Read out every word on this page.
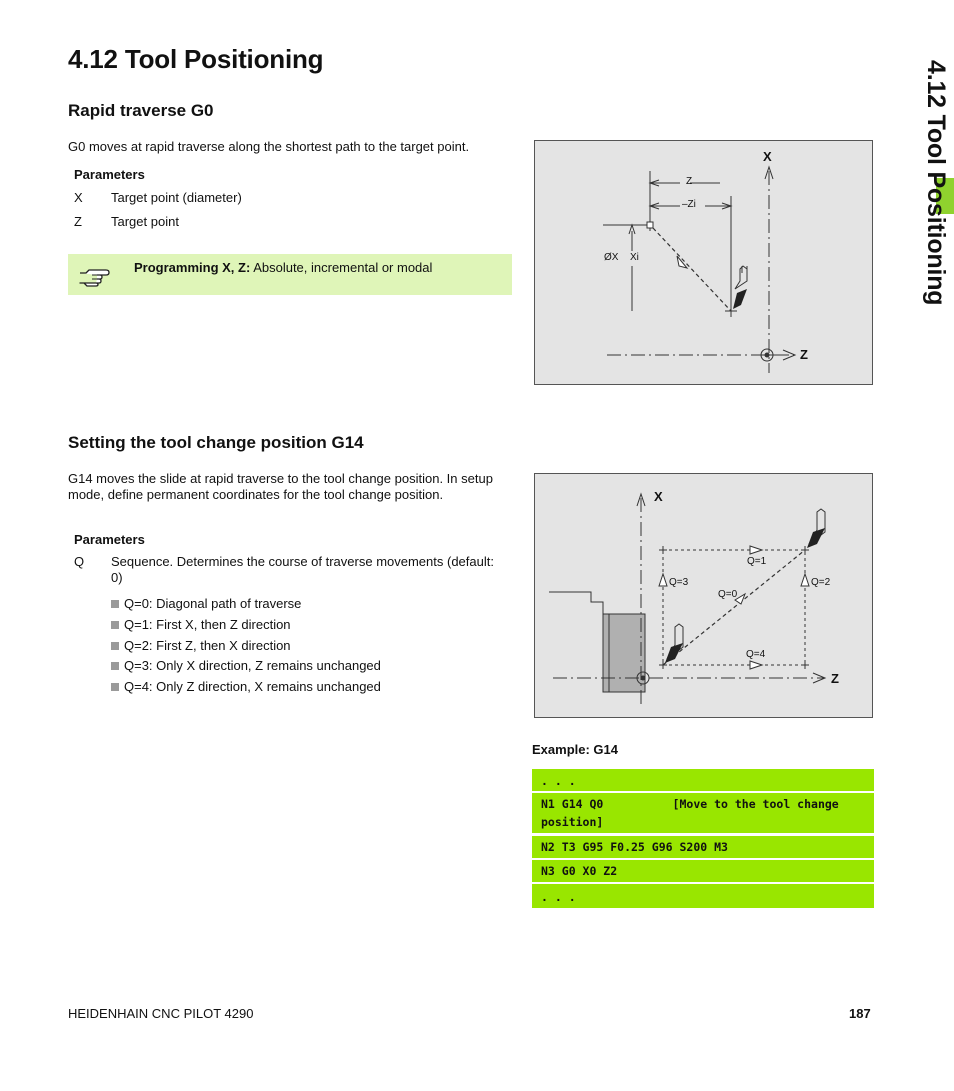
4.12 Tool Positioning
4.12 Tool Positioning
Rapid traverse G0
G0 moves at rapid traverse along the shortest path to the target point.
Parameters
X Target point (diameter)
Z Target point
Programming X, Z: Absolute, incremental or modal
X
Z
Z
–Zi
ØX Xi
Setting the tool change position G14
G14 moves the slide at rapid traverse to the tool change position. In setup mode, define permanent coordinates for the tool change position.
Parameters
Q Sequence. Determines the course of traverse movements (default: 0)
Q=0: Diagonal path of traverse
Q=1: First X, then Z direction
Q=2: First Z, then X direction
Q=3: Only X direction, Z remains unchanged
Q=4: Only Z direction, X remains unchanged
X
Z
Q=1
Q=3	Q=2
Q=0
Q=4
Example: G14
. . .
N1 G14 Q0          [Move to the tool change
position]
N2 T3 G95 F0.25 G96 S200 M3
N3 G0 X0 Z2
. . .
HEIDENHAIN CNC PILOT 4290	187
